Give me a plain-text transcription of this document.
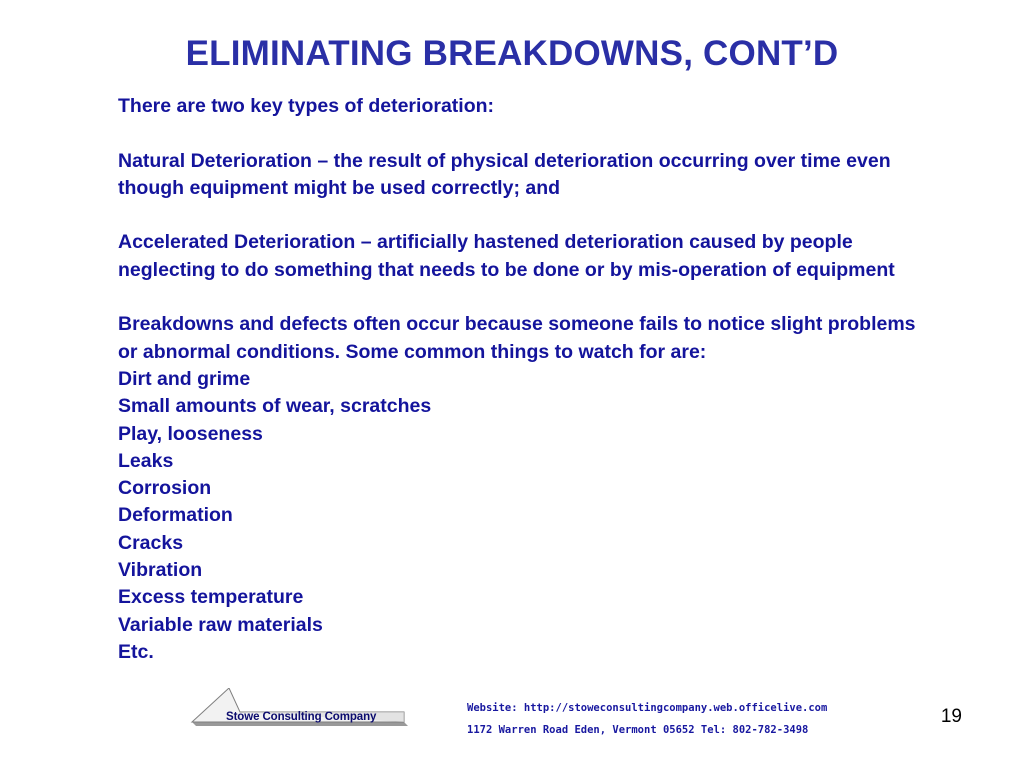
ELIMINATING BREAKDOWNS, CONT’D

There are two key types of deterioration:

Natural Deterioration – the result of physical deterioration occurring over time even though equipment might be used correctly; and

Accelerated Deterioration – artificially hastened deterioration caused by people neglecting to do something that needs to be done or by mis-operation of equipment

Breakdowns and defects often occur because someone fails to notice slight problems or abnormal conditions. Some common things to watch for are:

Dirt and grime
Small amounts of wear, scratches
Play, looseness
Leaks
Corrosion
Deformation
Cracks
Vibration
Excess temperature
Variable raw materials
Etc.
Stowe Consulting Company
Website: http://stoweconsultingcompany.web.officelive.com
1172 Warren Road Eden, Vermont 05652 Tel: 802-782-3498
19
